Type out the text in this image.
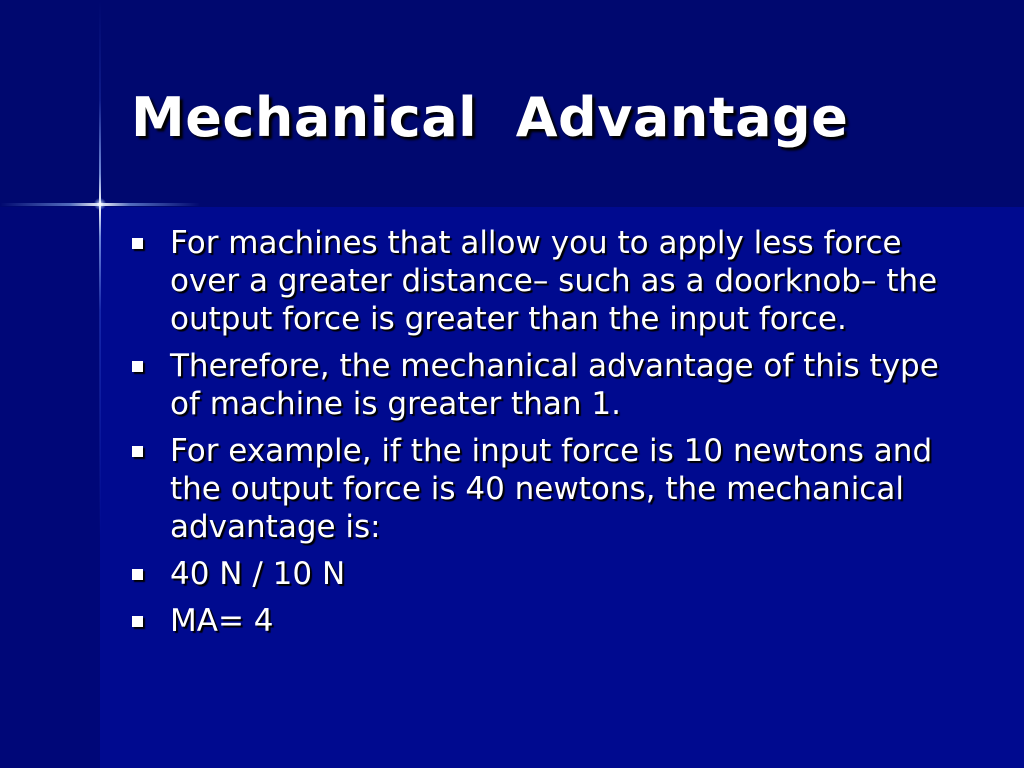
Mechanical  Advantage
For machines that allow you to apply less force over a greater distance– such as a doorknob– the output force is greater than the input force.
Therefore, the mechanical advantage of this type of machine is greater than 1.
For example, if the input force is 10 newtons and the output force is 40 newtons, the mechanical advantage is:
40 N / 10 N
MA= 4
